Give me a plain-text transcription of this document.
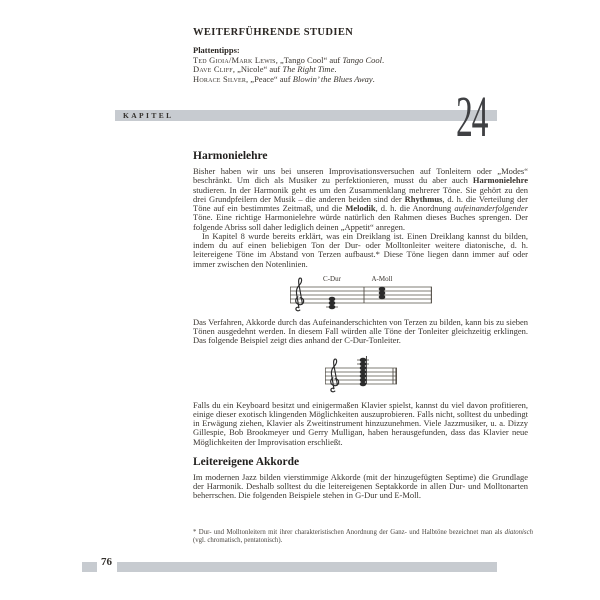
WEITERFÜHRENDE STUDIEN
Plattentipps:
Ted Gioia/Mark Lewis, „Tango Cool“ auf Tango Cool.
Dave Cliff, „Nicole“ auf The Right Time.
Horace Silver, „Peace“ auf Blowin’ the Blues Away.
KAPITEL	24
Harmonielehre

Bisher haben wir uns bei unseren Improvisationsversuchen auf Tonleitern oder „Modes“ beschränkt. Um dich als Musiker zu perfektionieren, musst du aber auch Harmonielehre studieren. In der Harmonik geht es um den Zusammenklang mehrerer Töne. Sie gehört zu den drei Grundpfeilern der Musik – die anderen beiden sind der Rhythmus, d. h. die Verteilung der Töne auf ein bestimmtes Zeitmaß, und die Melodik, d. h. die Anordnung aufeinanderfolgender Töne. Eine richtige Harmonielehre würde natürlich den Rahmen dieses Buches sprengen. Der folgende Abriss soll daher lediglich deinen „Appetit“ anregen.

In Kapitel 8 wurde bereits erklärt, was ein Dreiklang ist. Einen Dreiklang kannst du bilden, indem du auf einen beliebigen Ton der Dur- oder Molltonleiter weitere diatonische, d. h. leitereigene Töne im Abstand von Terzen aufbaust.* Diese Töne liegen dann immer auf oder immer zwischen den Notenlinien.

C-Dur	A-Moll

Das Verfahren, Akkorde durch das Aufeinanderschichten von Terzen zu bilden, kann bis zu sieben Tönen ausgedehnt werden. In diesem Fall würden alle Töne der Tonleiter gleichzeitig erklingen. Das folgende Beispiel zeigt dies anhand der C-Dur-Tonleiter.

Falls du ein Keyboard besitzt und einigermaßen Klavier spielst, kannst du viel davon profitieren, einige dieser exotisch klingenden Möglichkeiten auszuprobieren. Falls nicht, solltest du unbedingt in Erwägung ziehen, Klavier als Zweitinstrument hinzuzunehmen. Viele Jazzmusiker, u. a. Dizzy Gillespie, Bob Brookmeyer und Gerry Mulligan, haben herausgefunden, dass das Klavier neue Möglichkeiten der Improvisation erschließt.

Leitereigene Akkorde

Im modernen Jazz bilden vierstimmige Akkorde (mit der hinzugefügten Septime) die Grundlage der Harmonik. Deshalb solltest du die leitereigenen Septakkorde in allen Dur- und Molltonarten beherrschen. Die folgenden Beispiele stehen in G-Dur und E-Moll.

* Dur- und Molltonleitern mit ihrer charakteristischen Anordnung der Ganz- und Halbtöne bezeichnet man als diatonisch (vgl. chromatisch, pentatonisch).
76
